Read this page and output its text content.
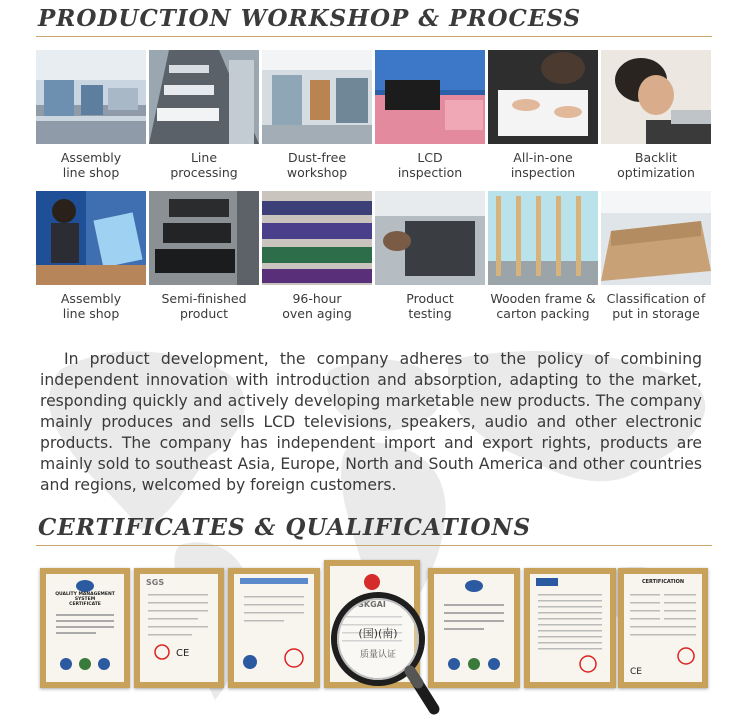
PRODUCTION WORKSHOP & PROCESS
Assembly
line shop
Line
processing
Dust-free
workshop
LCD
inspection
All-in-one
inspection
Backlit
optimization
Assembly
line shop
Semi-finished
product
96-hour
oven aging
Product
testing
Wooden frame &
carton packing
Classification of
put in storage

In product development, the company adheres to the policy of combining independent innovation with introduction and absorption, adapting to the market, responding quickly and actively developing marketable new products. The company mainly produces and sells LCD televisions, speakers, audio and other electronic products. The company has independent import and export rights, products are mainly sold to southeast Asia, Europe, North and South America and other countries and regions, welcomed by foreign customers.

CERTIFICATES & QUALIFICATIONS
QUALITY MANAGEMENT SYSTEM
CERTIFICATE
SGS
CE
CERTIFICATION
CE
(国)(南)
质量认证
